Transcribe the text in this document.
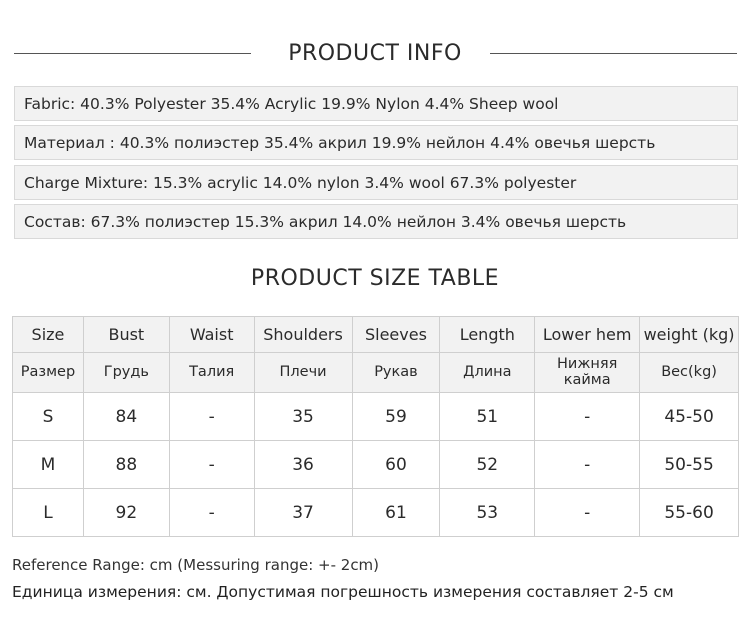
PRODUCT INFO
Fabric: 40.3% Polyester 35.4% Acrylic 19.9% Nylon 4.4% Sheep wool
Материал : 40.3% полиэстер 35.4% акрил 19.9% нейлон 4.4% овечья шерсть
Charge Mixture: 15.3% acrylic 14.0% nylon 3.4% wool 67.3% polyester
Состав: 67.3% полиэстер 15.3% акрил 14.0% нейлон 3.4% овечья шерсть
PRODUCT SIZE TABLE
Size	Bust	Waist	Shoulders	Sleeves	Length	Lower hem	weight (kg)
Размер	Грудь	Талия	Плечи	Рукав	Длина	Нижняя кайма	Вес(kg)
S	84	-	35	59	51	-	45-50
M	88	-	36	60	52	-	50-55
L	92	-	37	61	53	-	55-60
Reference Range: cm (Messuring range: +- 2cm)
Единица измерения: см. Допустимая погрешность измерения составляет 2-5 см
